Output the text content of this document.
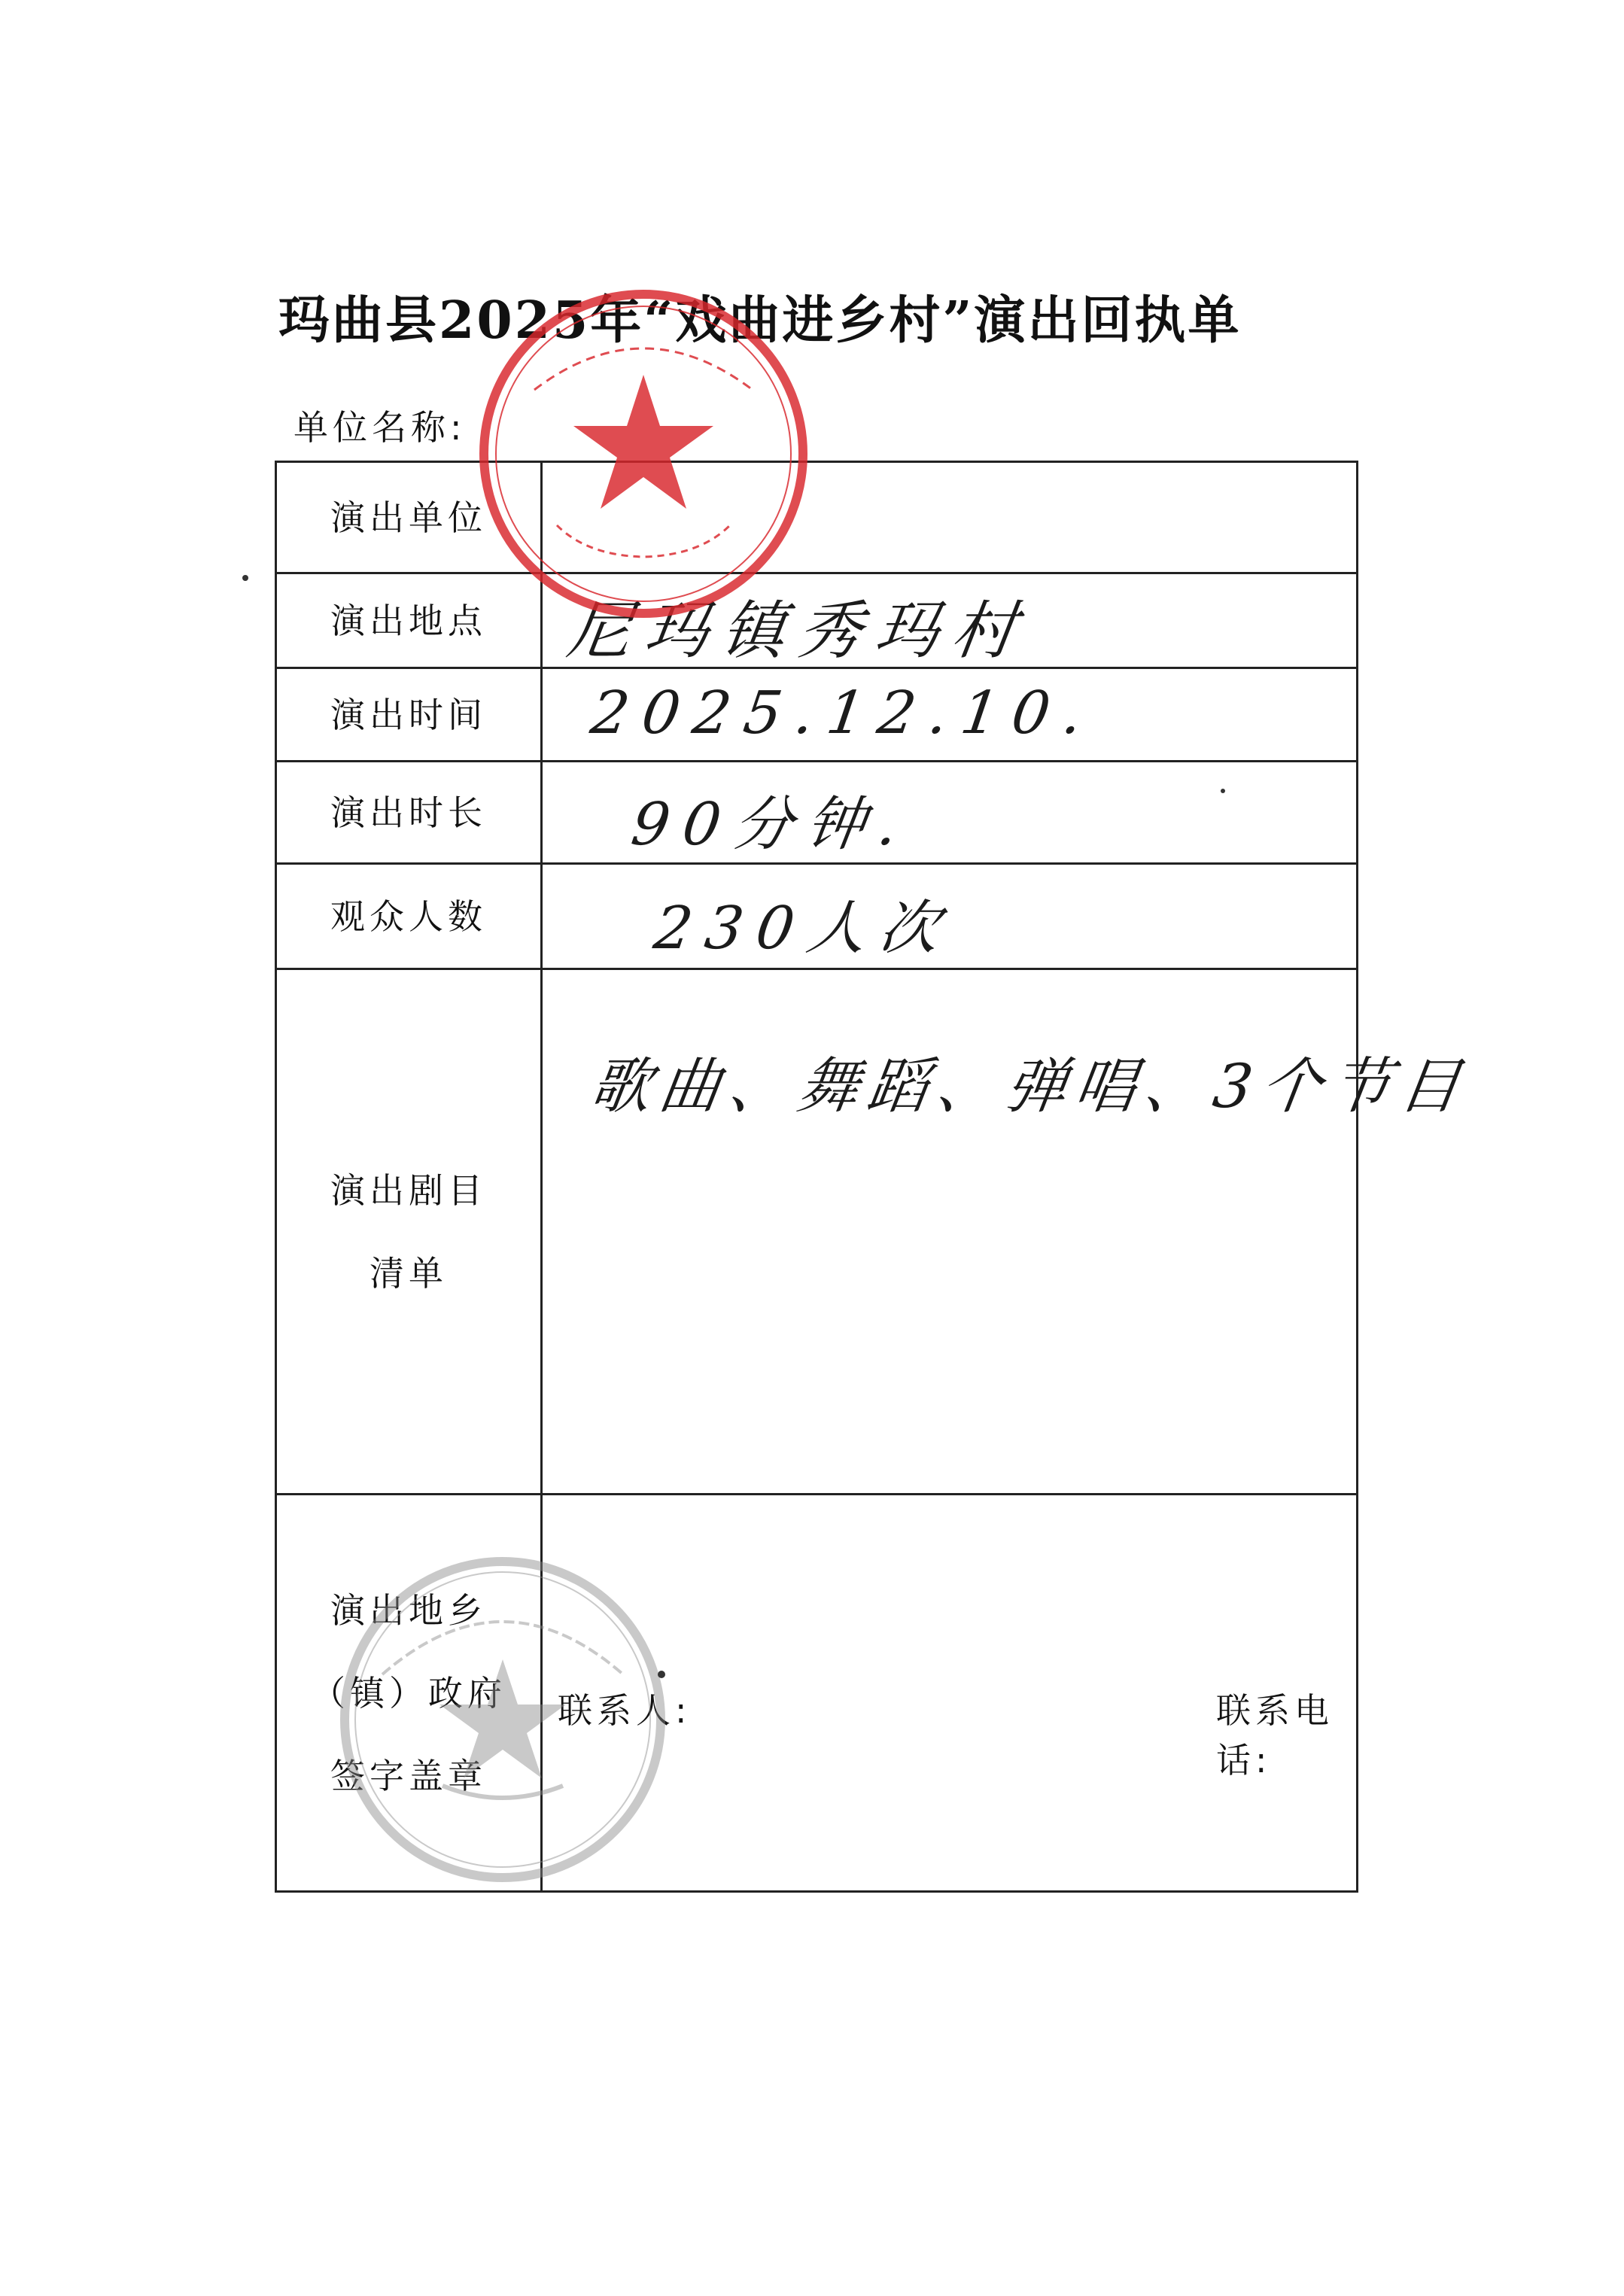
玛曲县2025年“戏曲进乡村”演出回执单
单位名称:
演出单位	
演出地点	尼玛镇秀玛村

演出时间	2025.12.10.

演出时长	90分钟.

观众人数	230人次

演出剧目
清单	歌曲、舞蹈、弹唱、3个节目

演出地乡
（镇）政府
签字盖章	联系人: 联系电话:
